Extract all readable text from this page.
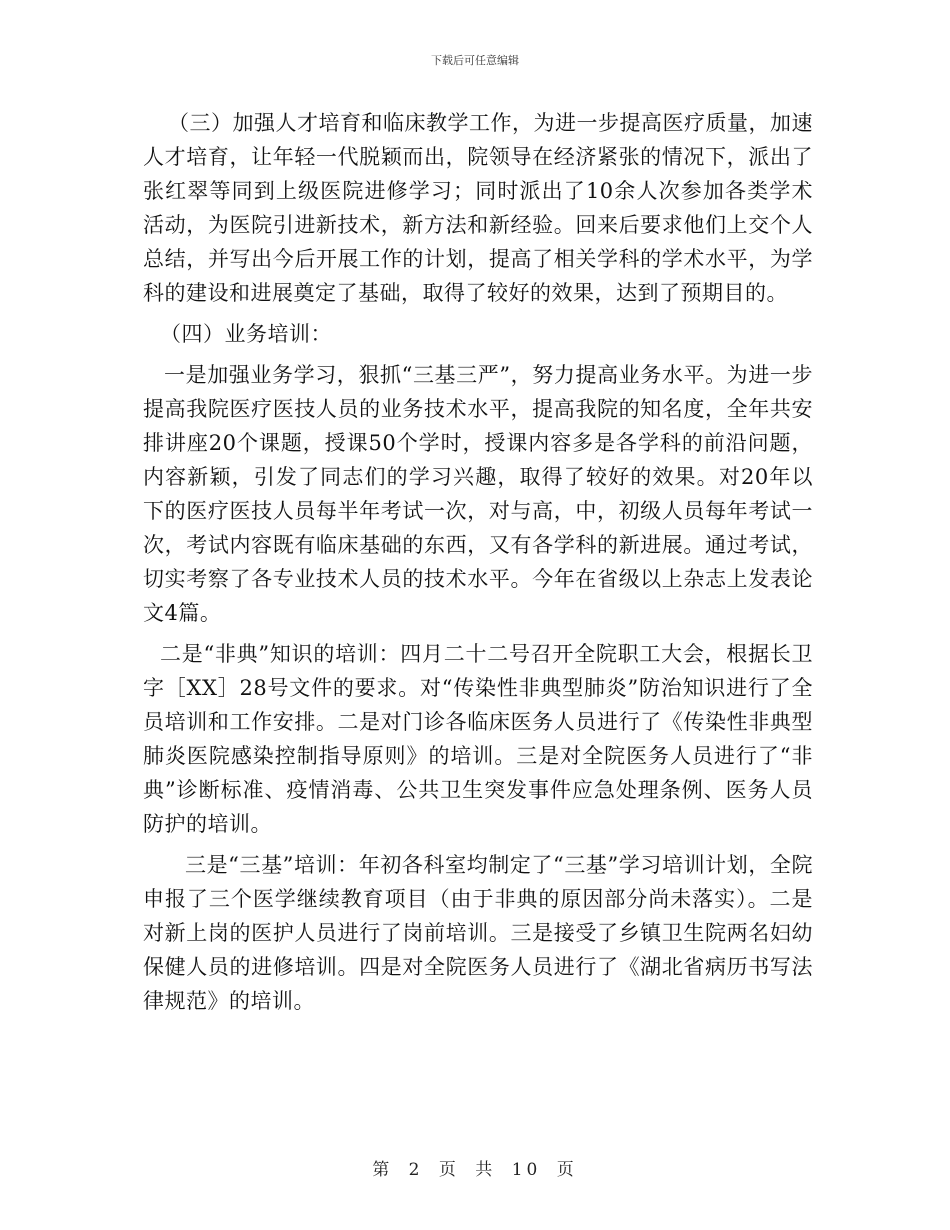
下载后可任意编辑

（三）加强人才培育和临床教学工作，为进一步提高医疗质量，加速人才培育，让年轻一代脱颖而出，院领导在经济紧张的情况下，派出了张红翠等同到上级医院进修学习；同时派出了10余人次参加各类学术活动，为医院引进新技术，新方法和新经验。回来后要求他们上交个人总结，并写出今后开展工作的计划，提高了相关学科的学术水平，为学科的建设和进展奠定了基础，取得了较好的效果，达到了预期目的。

（四）业务培训：

一是加强业务学习，狠抓“三基三严”，努力提高业务水平。为进一步提高我院医疗医技人员的业务技术水平，提高我院的知名度，全年共安排讲座20个课题，授课50个学时，授课内容多是各学科的前沿问题，内容新颖，引发了同志们的学习兴趣，取得了较好的效果。对20年以下的医疗医技人员每半年考试一次，对与高，中，初级人员每年考试一次，考试内容既有临床基础的东西，又有各学科的新进展。通过考试，切实考察了各专业技术人员的技术水平。今年在省级以上杂志上发表论文4篇。

二是“非典”知识的培训：四月二十二号召开全院职工大会，根据长卫字［XX］28号文件的要求。对“传染性非典型肺炎”防治知识进行了全员培训和工作安排。二是对门诊各临床医务人员进行了《传染性非典型肺炎医院感染控制指导原则》的培训。三是对全院医务人员进行了“非典”诊断标准、疫情消毒、公共卫生突发事件应急处理条例、医务人员防护的培训。

三是“三基”培训：年初各科室均制定了“三基”学习培训计划，全院申报了三个医学继续教育项目（由于非典的原因部分尚未落实）。二是对新上岗的医护人员进行了岗前培训。三是接受了乡镇卫生院两名妇幼保健人员的进修培训。四是对全院医务人员进行了《湖北省病历书写法律规范》的培训。

第 2 页 共 10 页
